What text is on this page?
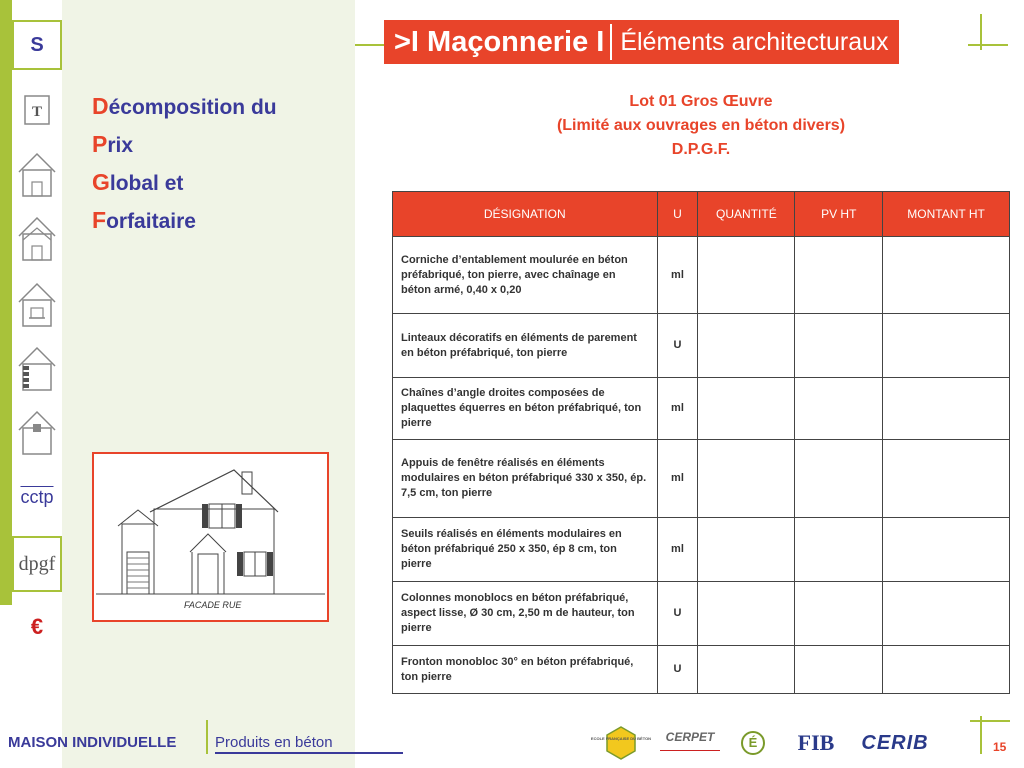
S
T
cctp
dpgf
€
>I Maçonnerie I Éléments architecturaux
Décomposition du
Prix
Global et
Forfaitaire
FACADE RUE
Lot 01 Gros Œuvre
(Limité aux ouvrages en béton divers)
D.P.G.F.
DÉSIGNATION	U	QUANTITÉ	PV HT	MONTANT HT
Corniche d’entablement moulurée en béton préfabriqué, ton pierre, avec chaînage en béton armé, 0,40 x 0,20	ml			
Linteaux décoratifs en éléments de parement en béton préfabriqué, ton pierre	U			
Chaînes d’angle droites composées de plaquettes équerres en béton préfabriqué, ton pierre	ml			
Appuis de fenêtre réalisés en éléments modulaires en béton préfabriqué 330 x 350, ép. 7,5 cm, ton pierre	ml			
Seuils réalisés en éléments modulaires en béton préfabriqué 250 x 350, ép 8 cm, ton pierre	ml			
Colonnes monoblocs en béton préfabriqué, aspect lisse, Ø 30 cm, 2,50 m de hauteur, ton pierre	U			
Fronton monobloc 30° en béton préfabriqué, ton pierre	U			
MAISON INDIVIDUELLE	Produits en béton	ECOLE FRANÇAISE DU BÉTON CERPET	É	FIB CERIB	15
